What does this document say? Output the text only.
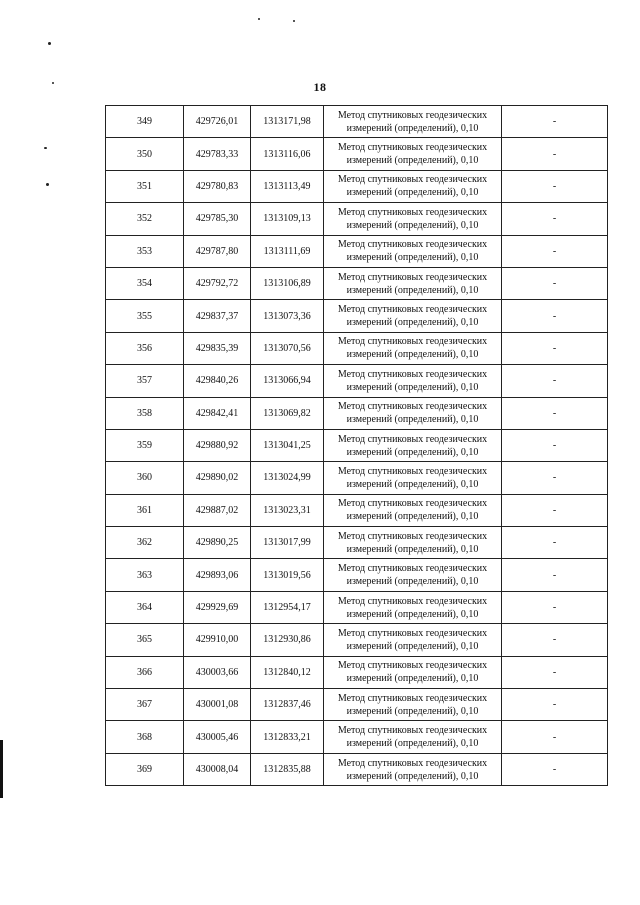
18
349	429726,01	1313171,98	Метод спутниковых геодезических измерений (определений), 0,10	-
350	429783,33	1313116,06	Метод спутниковых геодезических измерений (определений), 0,10	-
351	429780,83	1313113,49	Метод спутниковых геодезических измерений (определений), 0,10	-
352	429785,30	1313109,13	Метод спутниковых геодезических измерений (определений), 0,10	-
353	429787,80	1313111,69	Метод спутниковых геодезических измерений (определений), 0,10	-
354	429792,72	1313106,89	Метод спутниковых геодезических измерений (определений), 0,10	-
355	429837,37	1313073,36	Метод спутниковых геодезических измерений (определений), 0,10	-
356	429835,39	1313070,56	Метод спутниковых геодезических измерений (определений), 0,10	-
357	429840,26	1313066,94	Метод спутниковых геодезических измерений (определений), 0,10	-
358	429842,41	1313069,82	Метод спутниковых геодезических измерений (определений), 0,10	-
359	429880,92	1313041,25	Метод спутниковых геодезических измерений (определений), 0,10	-
360	429890,02	1313024,99	Метод спутниковых геодезических измерений (определений), 0,10	-
361	429887,02	1313023,31	Метод спутниковых геодезических измерений (определений), 0,10	-
362	429890,25	1313017,99	Метод спутниковых геодезических измерений (определений), 0,10	-
363	429893,06	1313019,56	Метод спутниковых геодезических измерений (определений), 0,10	-
364	429929,69	1312954,17	Метод спутниковых геодезических измерений (определений), 0,10	-
365	429910,00	1312930,86	Метод спутниковых геодезических измерений (определений), 0,10	-
366	430003,66	1312840,12	Метод спутниковых геодезических измерений (определений), 0,10	-
367	430001,08	1312837,46	Метод спутниковых геодезических измерений (определений), 0,10	-
368	430005,46	1312833,21	Метод спутниковых геодезических измерений (определений), 0,10	-
369	430008,04	1312835,88	Метод спутниковых геодезических измерений (определений), 0,10	-
